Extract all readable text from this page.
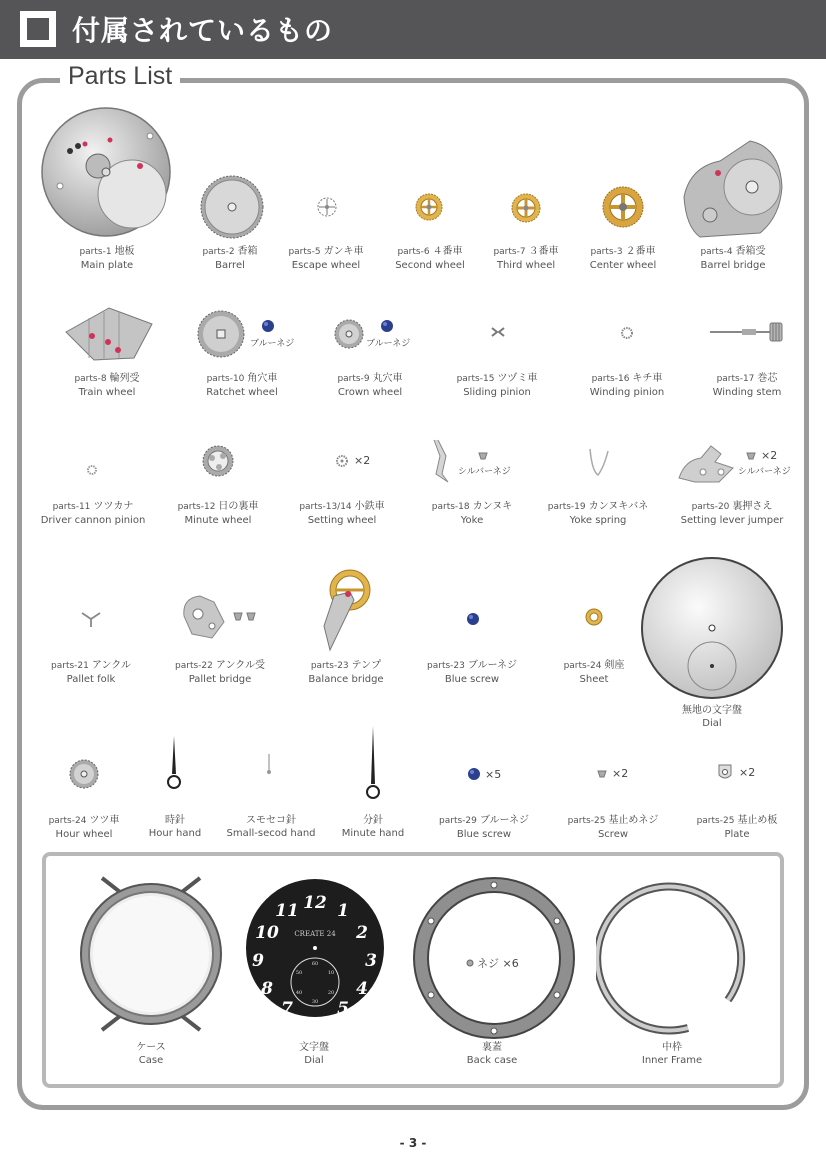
付属されているもの
Parts List
parts-1 地板
Main plate
parts-2 香箱
Barrel
parts-5 ガンキ車
Escape wheel
parts-6 ４番車
Second wheel
parts-7 ３番車
Third wheel
parts-3 ２番車
Center wheel
parts-4 香箱受
Barrel bridge
ブルーネジ	ブルーネジ
parts-8 輪列受
Train wheel
parts-10 角穴車
Ratchet wheel
parts-9 丸穴車
Crown wheel
parts-15 ツヅミ車
Sliding pinion
parts-16 キチ車
Winding pinion
parts-17 巻芯
Winding stem
×2
シルバーネジ
×2
シルバーネジ
parts-11 ツツカナ
Driver cannon pinion
parts-12 日の裏車
Minute wheel
parts-13/14 小鉄車
Setting wheel
parts-18 カンヌキ
Yoke
parts-19 カンヌキバネ
Yoke spring
parts-20 裏押さえ
Setting lever jumper
parts-21 アンクル
Pallet folk
parts-22 アンクル受
Pallet bridge
parts-23 テンプ
Balance bridge
parts-23 ブルーネジ
Blue screw
parts-24 剣座
Sheet
無地の文字盤
Dial
×5	×2	×2
parts-24 ツツ車
Hour wheel
時針
Hour hand
スモセコ針
Small-secod hand
分針
Minute hand
parts-29 ブルーネジ
Blue screw
parts-25 基止めネジ
Screw
parts-25 基止め板
Plate
12 1
2
3
4
5
7
8
9
10
11
CREATE 24
60
10
20
30
40
50
ネジ ×6
ケース
Case
文字盤
Dial
裏蓋
Back case
中枠
Inner Frame
- 3 -
